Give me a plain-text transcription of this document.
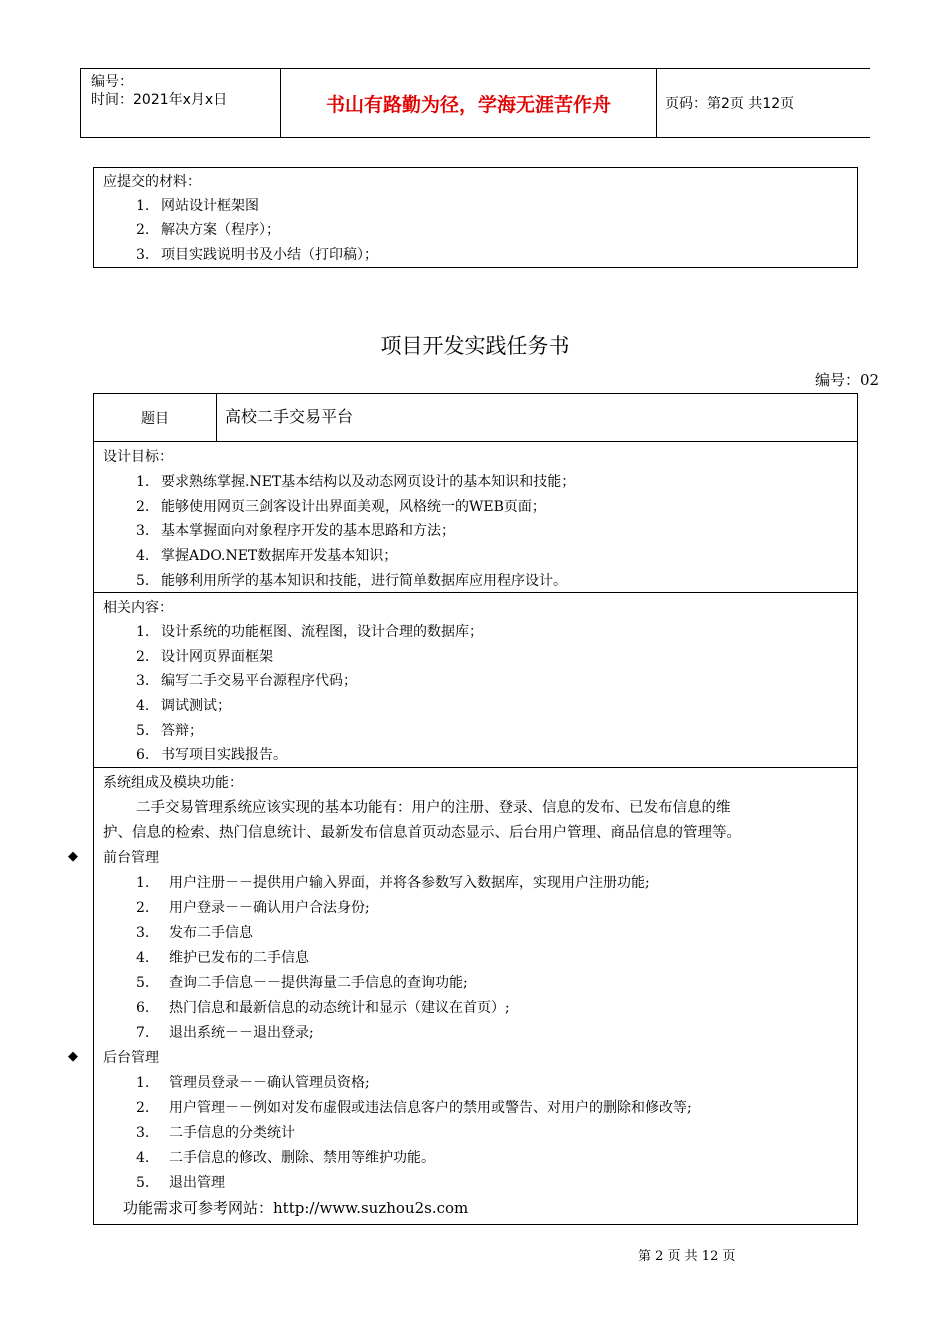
编号：
时间：2021年x月x日	书山有路勤为径，学海无涯苦作舟	页码：第2页 共12页
应提交的材料：
1. 网站设计框架图
2. 解决方案（程序）；
3. 项目实践说明书及小结（打印稿）；
项目开发实践任务书
编号：02
题目	高校二手交易平台
设计目标：
1. 要求熟练掌握.NET基本结构以及动态网页设计的基本知识和技能；
2. 能够使用网页三剑客设计出界面美观，风格统一的WEB页面；
3. 基本掌握面向对象程序开发的基本思路和方法；
4. 掌握ADO.NET数据库开发基本知识；
5. 能够利用所学的基本知识和技能，进行简单数据库应用程序设计。
相关内容：
1. 设计系统的功能框图、流程图，设计合理的数据库；
2. 设计网页界面框架
3. 编写二手交易平台源程序代码；
4. 调试测试；
5. 答辩；
6. 书写项目实践报告。
系统组成及模块功能：
二手交易管理系统应该实现的基本功能有：用户的注册、登录、信息的发布、已发布信息的维
护、信息的检索、热门信息统计、最新发布信息首页动态显示、后台用户管理、商品信息的管理等。
前台管理
1. 用户注册－－提供用户输入界面，并将各参数写入数据库，实现用户注册功能;
2. 用户登录－－确认用户合法身份;
3. 发布二手信息
4. 维护已发布的二手信息
5. 查询二手信息－－提供海量二手信息的查询功能;
6. 热门信息和最新信息的动态统计和显示（建议在首页）;
7. 退出系统－－退出登录;
后台管理
1. 管理员登录－－确认管理员资格;
2. 用户管理－－例如对发布虚假或违法信息客户的禁用或警告、对用户的删除和修改等;
3. 二手信息的分类统计
4. 二手信息的修改、删除、禁用等维护功能。
5. 退出管理
功能需求可参考网站：http://www.suzhou2s.com
◆
◆
第 2 页 共 12 页
